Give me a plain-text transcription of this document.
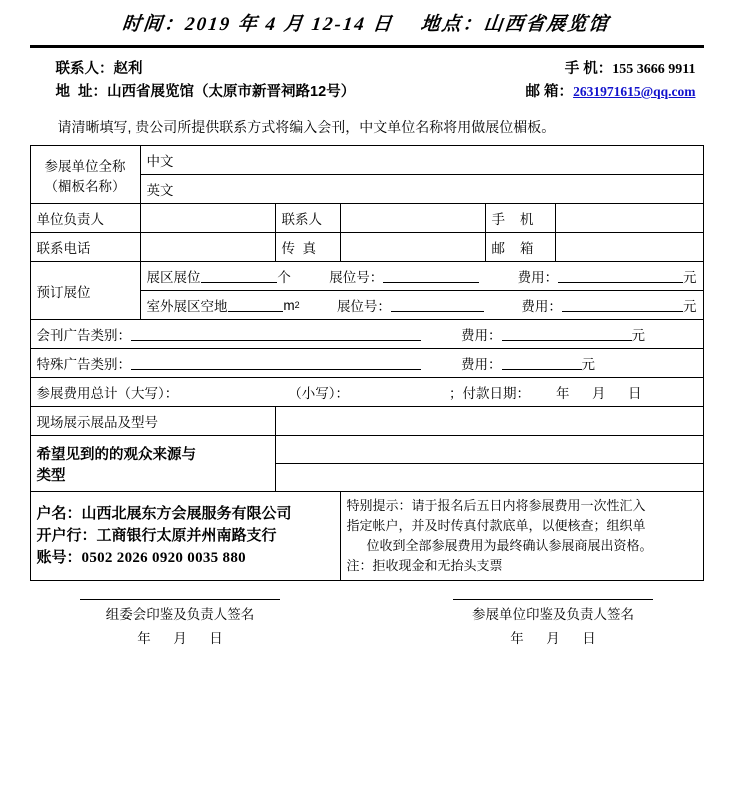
时间：2019 年 4 月 12-14 日    地点：山西省展览馆
联系人：赵利	手 机：155 3666 9911
地  址：山西省展览馆（太原市新晋祠路12号）	邮 箱：2631971615@qq.com
请清晰填写, 贵公司所提供联系方式将编入会刊，中文单位名称将用做展位楣板。
参展单位全称
（楣板名称）	中文				
	英文				
单位负责人		联系人		手    机	
联系电话		传  真		邮    箱	
预订展位	展区展位 个 展位号： 费用： 元				

室外展区空地	m 2	展位号：	费用：	元

会刊广告类别： 费用： 元					

特殊广告类别： 费用： 元					

参展费用总计（大写）： （小写）： ；付款日期： 年      月      日					

现场展示展品及型号					

希望见到的的观众来源与
类型					

户名：山西北展东方会展服务有限公司
开户行：工商银行太原并州南路支行
账号：0502 2026 0920 0035 880

特别提示：请于报名后五日内将参展费用一次性汇入
指定帐户，并及时传真付款底单，以便核查；组织单
位收到全部参展费用为最终确认参展商展出资格。
注：拒收现金和无抬头支票
组委会印鉴及负责人签名
年      月      日
参展单位印鉴及负责人签名
年      月      日
